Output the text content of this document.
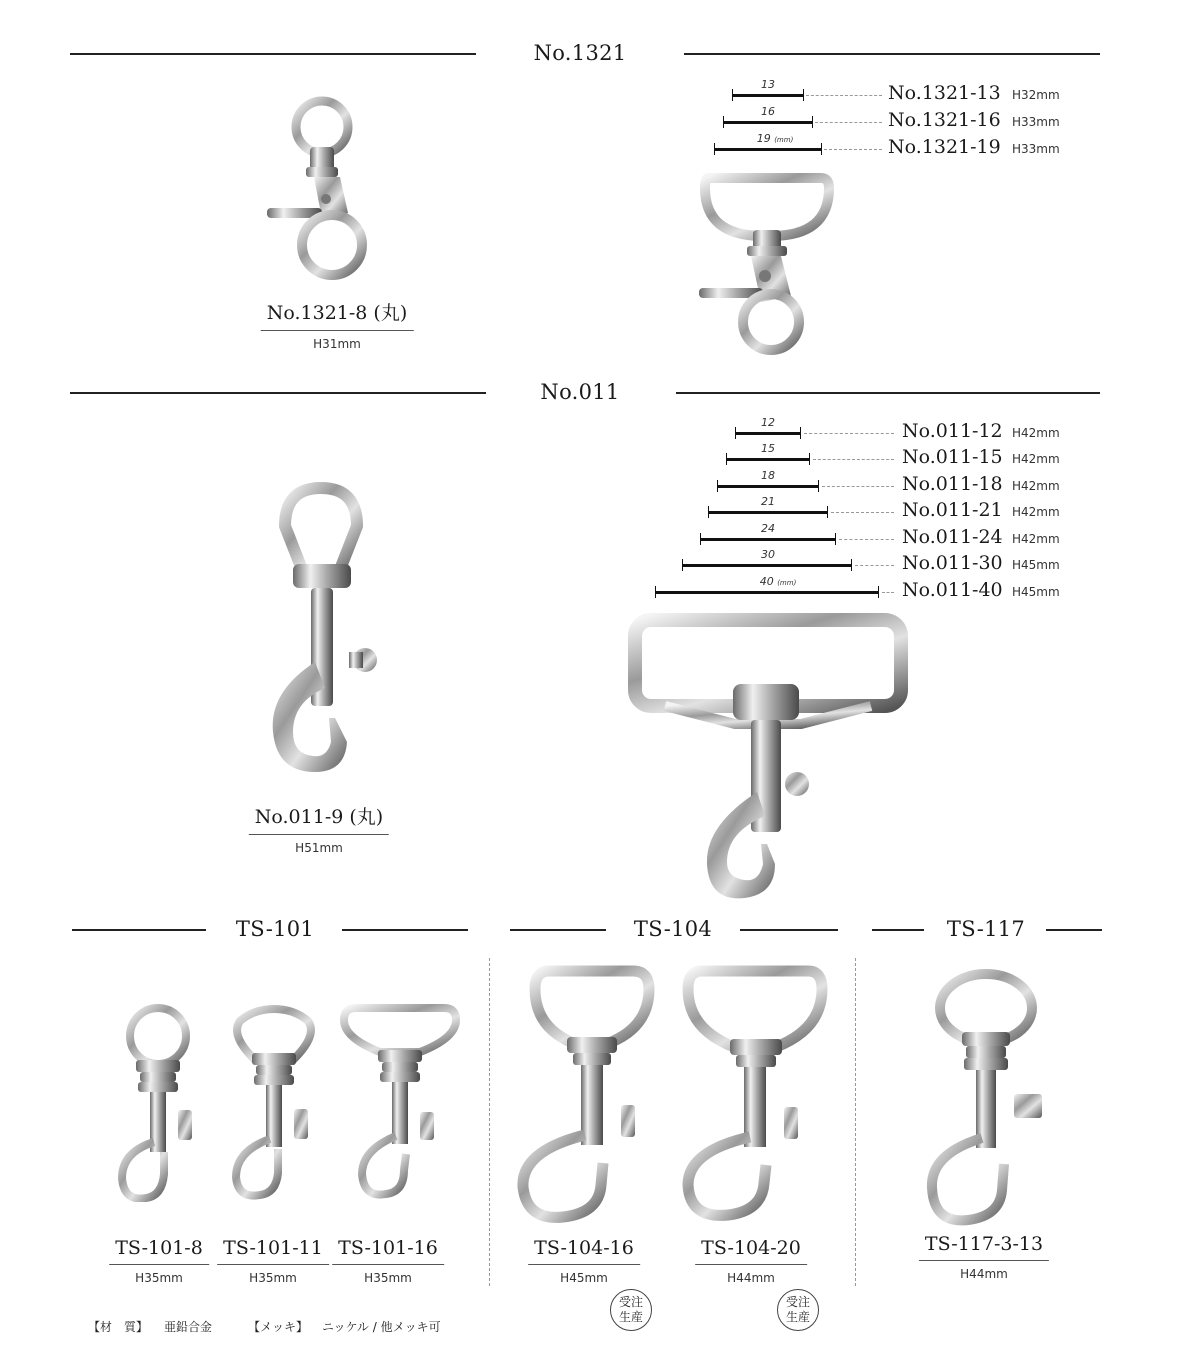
No.1321
No.1321-8 (丸)
H31mm
13	No.1321-13 H32mm
16	No.1321-16 H33mm
19 (mm)	No.1321-19 H33mm
No.011
No.011-9 (丸)
H51mm
12	No.011-12 H42mm
15	No.011-15 H42mm
18	No.011-18 H42mm
21	No.011-21 H42mm
24	No.011-24 H42mm
30	No.011-30 H45mm
40 (mm)	No.011-40 H45mm
TS-101	TS-104	TS-117
TS-101-8
H35mm
TS-101-11
H35mm
TS-101-16
H35mm
TS-104-16
H45mm
TS-104-20
H44mm
受注
生産
受注
生産
TS-117-3-13
H44mm
【材　質】 亜鉛合金	【メッキ】 ニッケル / 他メッキ可
